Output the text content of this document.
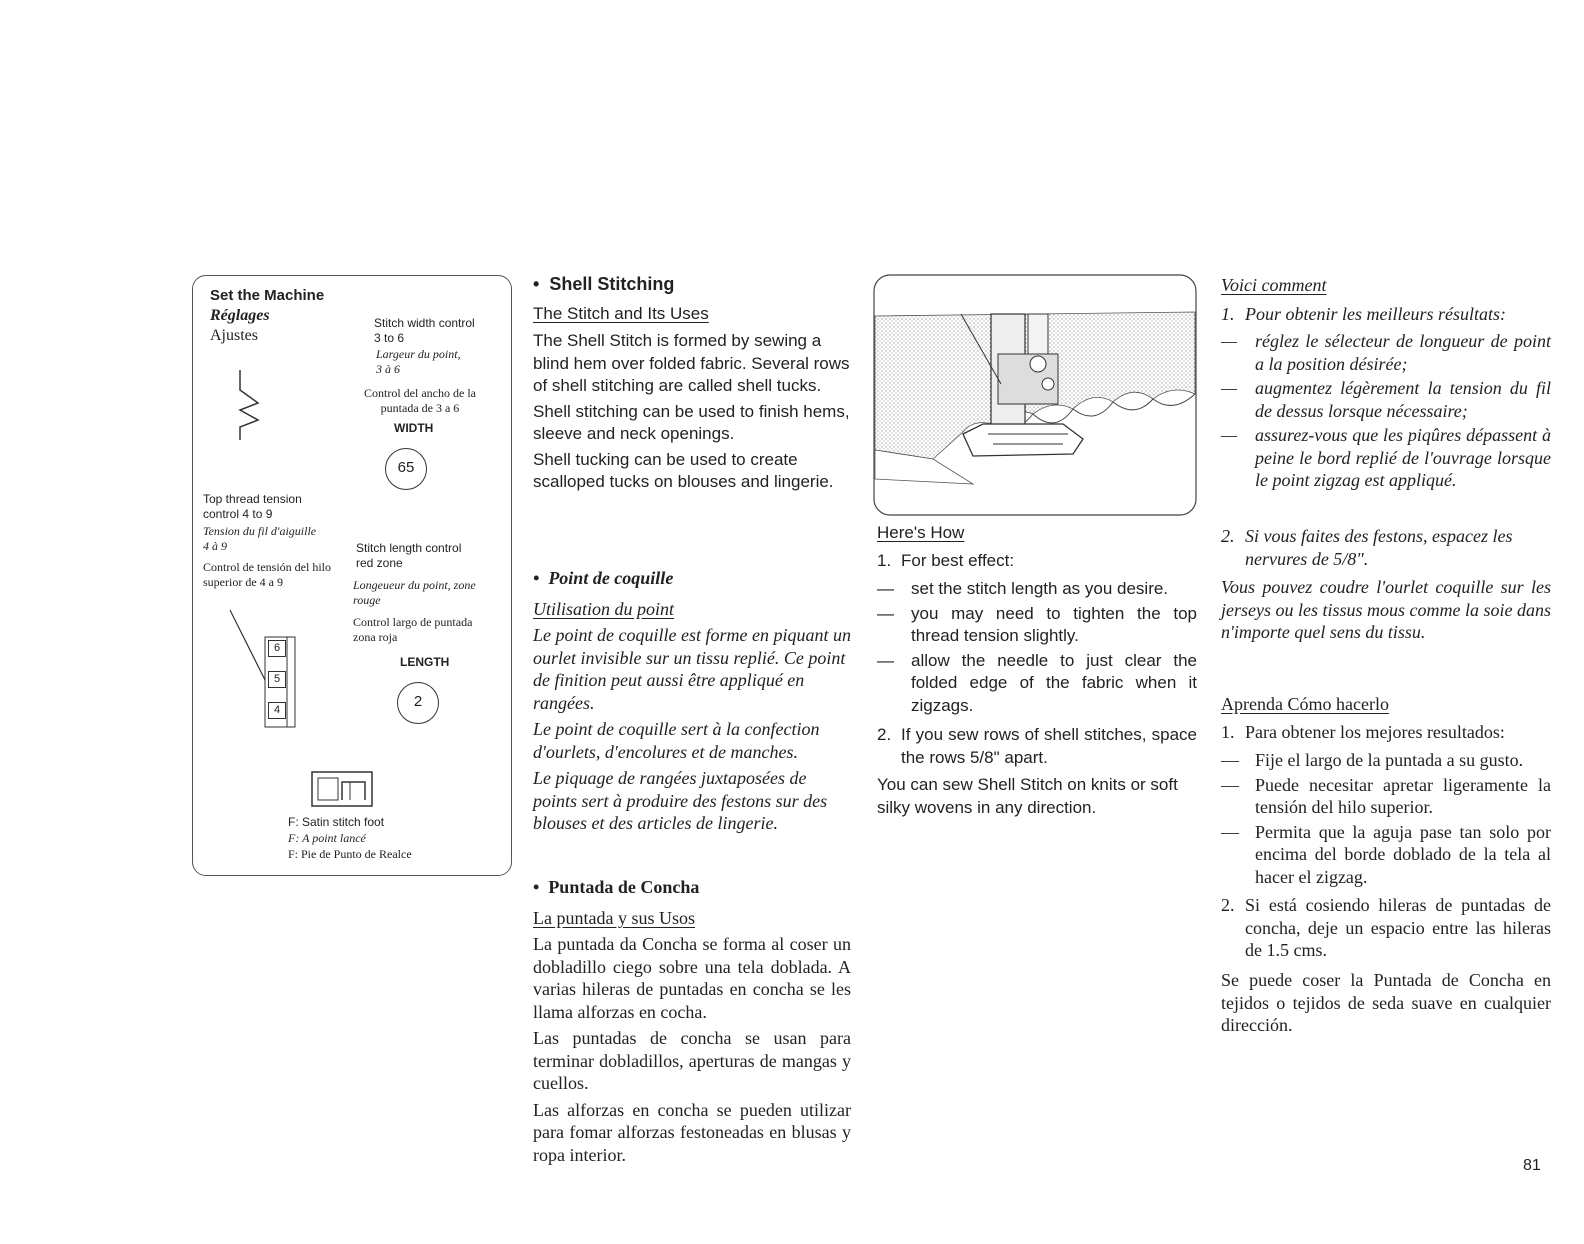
Set the Machine
Réglages
Ajustes
Stitch width control 3 to 6
Largeur du point, 3 à 6
Control del ancho de la puntada de 3 a 6
WIDTH
65
Top thread tension control 4 to 9
Tension du fil d'aiguille 4 à 9
Control de tensión del hilo superior de 4 a 9
6
5
4
Stitch length control red zone
Longeueur du point, zone rouge
Control largo de puntada zona roja
LENGTH
2
F: Satin stitch foot
F: A point lancé
F: Pie de Punto de Realce
• Shell Stitching
The Stitch and Its Uses

The Shell Stitch is formed by sewing a blind hem over folded fabric. Several rows of shell stitching are called shell tucks.

Shell stitching can be used to finish hems, sleeve and neck openings.

Shell tucking can be used to create scalloped tucks on blouses and lingerie.

• Point de coquille
Utilisation du point

Le point de coquille est forme en piquant un ourlet invisible sur un tissu replié. Ce point de finition peut aussi être appliqué en rangées.

Le point de coquille sert à la confection d'ourlets, d'encolures et de manches.

Le piquage de rangées juxtaposées de points sert à produire des festons sur des blouses et des articles de lingerie.

• Puntada de Concha
La puntada y sus Usos

La puntada da Concha se forma al coser un dobladillo ciego sobre una tela doblada. A varias hileras de puntadas en concha se les llama alforzas en cocha.

Las puntadas de concha se usan para terminar dobladillos, aperturas de mangas y cuellos.

Las alforzas en concha se pueden utilizar para fomar alforzas festoneadas en blusas y ropa interior.

Here's How

1. For best effect:

— set the stitch length as you desire.

— you may need to tighten the top thread tension slightly.

— allow the needle to just clear the folded edge of the fabric when it zigzags.

2. If you sew rows of shell stitches, space the rows 5/8" apart.

You can sew Shell Stitch on knits or soft silky wovens in any direction.
Voici comment

1. Pour obtenir les meilleurs résultats:

— réglez le sélecteur de longueur de point a la position désirée;

— augmentez légèrement la tension du fil de dessus lorsque nécessaire;

— assurez-vous que les piqûres dépassent à peine le bord replié de l'ouvrage lorsque le point zigzag est appliqué.

2. Si vous faites des festons, espacez les nervures de 5/8".

Vous pouvez coudre l'ourlet coquille sur les jerseys ou les tissus mous comme la soie dans n'importe quel sens du tissu.
Aprenda Cómo hacerlo

1. Para obtener los mejores resultados:

— Fije el largo de la puntada a su gusto.

— Puede necesitar apretar ligeramente la tensión del hilo superior.

— Permita que la aguja pase tan solo por encima del borde doblado de la tela al hacer el zigzag.

2. Si está cosiendo hileras de puntadas de concha, deje un espacio entre las hileras de 1.5 cms.

Se puede coser la Puntada de Concha en tejidos o tejidos de seda suave en cualquier dirección.
81
